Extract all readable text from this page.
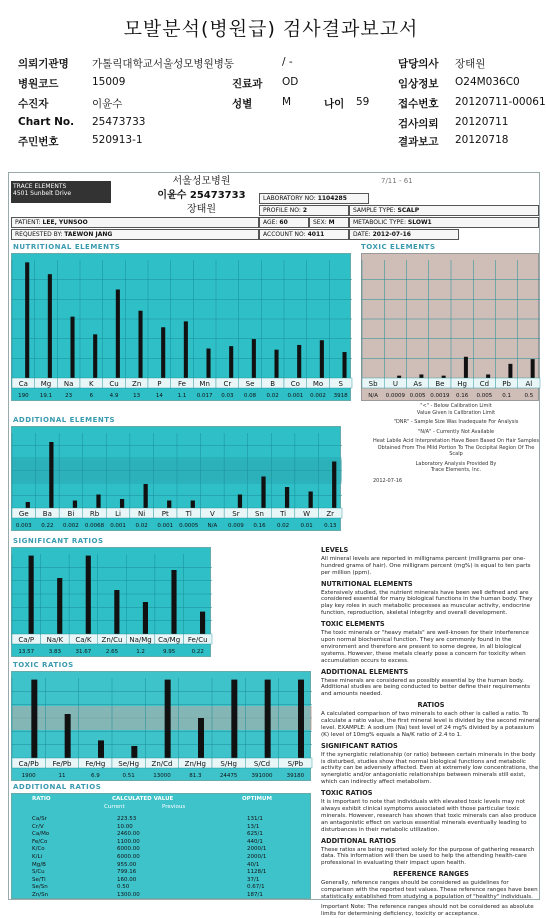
모발분석(병원급) 검사결과보고서
의뢰기관명 가톨릭대학교서울성모병원병동	/ -	담당의사 장태원
병원코드	15009	진료과 OD	임상정보 O24M036C0
수진자	이윤수	성별	M	나이 59	접수번호 20120711-00061
Chart No. 25473733	검사의뢰 20120711
주민번호	520913-1	결과보고 20120718
TRACE ELEMENTS
4501 Sunbelt Drive
서울성모병원
이윤수 25473733
장태원
7/11 - 61
LABORATORY NO: 1104285
PROFILE NO: 2	SAMPLE TYPE: SCALP
PATIENT: LEE, YUNSOO	AGE: 60	SEX: M	METABOLIC TYPE: SLOW1
REQUESTED BY: TAEWON JANG	ACCOUNT NO: 4011	DATE: 2012-07-16
NUTRITIONAL ELEMENTS	TOXIC ELEMENTS
ADDITIONAL ELEMENTS
SIGNIFICANT RATIOS
TOXIC RATIOS
ADDITIONAL RATIOS
Ca
190
Mg
19.1
Na
23
K
6
Cu
4.9
Zn
13
P
14
Fe
1.1
Mn
0.017
Cr
0.03
Se
0.08
B
0.02
Co
0.001
Mo
0.002
S
3918
Sb
N/A
U
0.0009
As
0.005
Be
0.0019
Hg
0.16
Cd
0.005
Pb
0.1
Al
0.5
Ge
0.003
Ba
0.22
Bi
0.002
Rb
0.0068
Li
0.001
Ni
0.02
Pt
0.001
Tl
0.0005
V
N/A
Sr
0.009
Sn
0.16
Ti
0.02
W
0.01
Zr
0.13
Ca/P
13.57
Na/K
3.83
Ca/K
31.67
Zn/Cu
2.65
Na/Mg
1.2
Ca/Mg
9.95
Fe/Cu
0.22
Ca/Pb
1900
Fe/Pb
11
Fe/Hg
6.9
Se/Hg
0.51
Zn/Cd
13000
Zn/Hg
81.3
S/Hg
24475
S/Cd
391000
S/Pb
39180
"<" - Below Calibration Limit
Value Given is Calibration Limit
"DNR" - Sample Size Was Inadequate For Analysis
"N/A" - Currently Not Available
Heat Labile Acid Interpretation Have Been Based On Hair Samples Obtained From The Mild Portion To The Occipital Region Of The Scalp
Laboratory Analysis Provided By
Trace Elements, Inc.
2012-07-16
RATIO	CALCULATED VALUE	OPTIMUM
Current	Previous
Ca/Sr	223.53	131/1
Cr/V	10.00	13/1
Ca/Mo	2460.00	625/1
Fe/Co	1100.00	440/1
K/Co	6000.00	2000/1
K/Li	6000.00	2000/1
Mg/B	955.00	40/1
S/Cu	799.16	1128/1
Se/Tl	160.00	37/1
Se/Sn	0.50	0.67/1
Zn/Sn	1300.00	187/1
LEVELS

All mineral levels are reported in milligrams percent (milligrams per one-hundred grams of hair). One milligram percent (mg%) is equal to ten parts per million (ppm).

NUTRITIONAL ELEMENTS

Extensively studied, the nutrient minerals have been well defined and are considered essential for many biological functions in the human body. They play key roles in such metabolic processes as muscular activity, endocrine function, reproduction, skeletal integrity and overall development.

TOXIC ELEMENTS

The toxic minerals or "heavy metals" are well-known for their interference upon normal biochemical function. They are commonly found in the environment and therefore are present to some degree, in all biological systems. However, these metals clearly pose a concern for toxicity when accumulation occurs to excess.

ADDITIONAL ELEMENTS

These minerals are considered as possibly essential by the human body. Additional studies are being conducted to better define their requirements and amounts needed.

RATIOS

A calculated comparison of two minerals to each other is called a ratio. To calculate a ratio value, the first mineral level is divided by the second mineral level. EXAMPLE: A sodium (Na) test level of 24 mg% divided by a potassium (K) level of 10mg% equals a Na/K ratio of 2.4 to 1.

SIGNIFICANT RATIOS

If the synergistic relationship (or ratio) between certain minerals in the body is disturbed, studies show that normal biological functions and metabolic activity can be adversely affected. Even at extremely low concentrations, the synergistic and/or antagonistic relationships between minerals still exist, which can indirectly affect metabolism.

TOXIC RATIOS

It is important to note that individuals with elevated toxic levels may not always exhibit clinical symptoms associated with those particular toxic minerals. However, research has shown that toxic minerals can also produce an antagonistic effect on various essential minerals eventually leading to disturbances in their metabolic utilization.

ADDITIONAL RATIOS

These ratios are being reported solely for the purpose of gathering research data. This information will then be used to help the attending health-care professional in evaluating their impact upon health.

REFERENCE RANGES

Generally, reference ranges should be considered as guidelines for comparison with the reported test values. These reference ranges have been statistically established from studying a population of "healthy" individuals.

Important Note: The reference ranges should not be considered as absolute limits for determining deficiency, toxicity or acceptance.
